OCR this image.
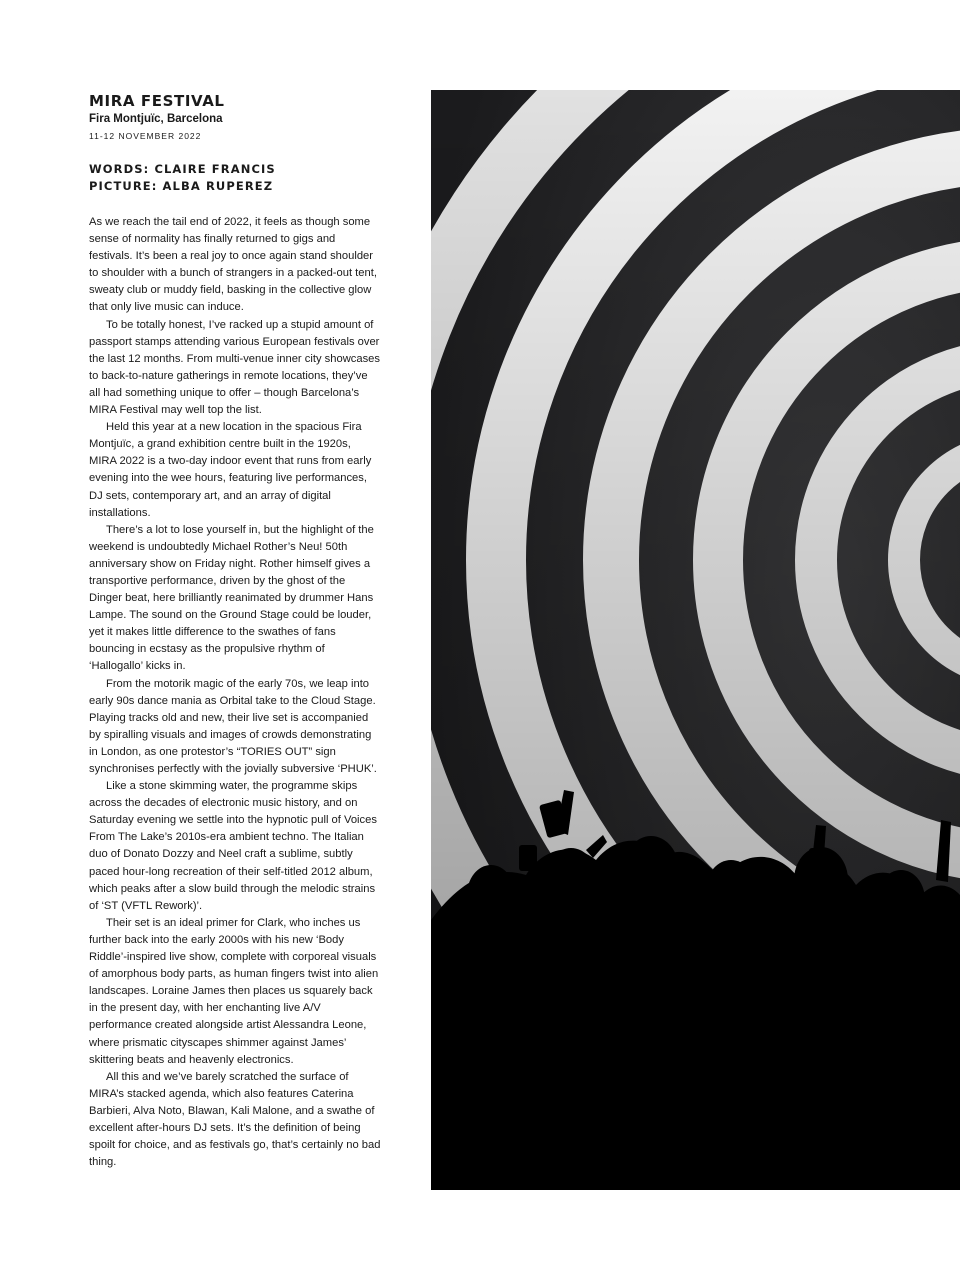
MIRA FESTIVAL

Fira Montjuïc, Barcelona

11-12 NOVEMBER 2022

WORDS: CLAIRE FRANCIS
PICTURE: ALBA RUPEREZ

As we reach the tail end of 2022, it feels as though some sense of normality has finally returned to gigs and festivals. It’s been a real joy to once again stand shoulder to shoulder with a bunch of strangers in a packed-out tent, sweaty club or muddy field, basking in the collective glow that only live music can induce.

To be totally honest, I’ve racked up a stupid amount of passport stamps attending various European festivals over the last 12 months. From multi-venue inner city showcases to back-to-nature gatherings in remote locations, they’ve all had something unique to offer – though Barcelona’s MIRA Festival may well top the list.

Held this year at a new location in the spacious Fira Montjuïc, a grand exhibition centre built in the 1920s, MIRA 2022 is a two-day indoor event that runs from early evening into the wee hours, featuring live performances, DJ sets, contemporary art, and an array of digital installations.

There’s a lot to lose yourself in, but the highlight of the weekend is undoubtedly Michael Rother’s Neu! 50th anniversary show on Friday night. Rother himself gives a transportive performance, driven by the ghost of the Dinger beat, here brilliantly reanimated by drummer Hans Lampe. The sound on the Ground Stage could be louder, yet it makes little difference to the swathes of fans bouncing in ecstasy as the propulsive rhythm of ‘Hallogallo’ kicks in.

From the motorik magic of the early 70s, we leap into early 90s dance mania as Orbital take to the Cloud Stage. Playing tracks old and new, their live set is accompanied by spiralling visuals and images of crowds demonstrating in London, as one protestor’s “TORIES OUT” sign synchronises perfectly with the jovially subversive ‘PHUK’.

Like a stone skimming water, the programme skips across the decades of electronic music history, and on Saturday evening we settle into the hypnotic pull of Voices From The Lake’s 2010s-era ambient techno. The Italian duo of Donato Dozzy and Neel craft a sublime, subtly paced hour-long recreation of their self-titled 2012 album, which peaks after a slow build through the melodic strains of ‘ST (VFTL Rework)’.

Their set is an ideal primer for Clark, who inches us further back into the early 2000s with his new ‘Body Riddle’-inspired live show, complete with corporeal visuals of amorphous body parts, as human fingers twist into alien landscapes. Loraine James then places us squarely back in the present day, with her enchanting live A/V performance created alongside artist Alessandra Leone, where prismatic cityscapes shimmer against James’ skittering beats and heavenly electronics.

All this and we’ve barely scratched the surface of MIRA’s stacked agenda, which also features Caterina Barbieri, Alva Noto, Blawan, Kali Malone, and a swathe of excellent after-hours DJ sets. It’s the definition of being spoilt for choice, and as festivals go, that’s certainly no bad thing.
